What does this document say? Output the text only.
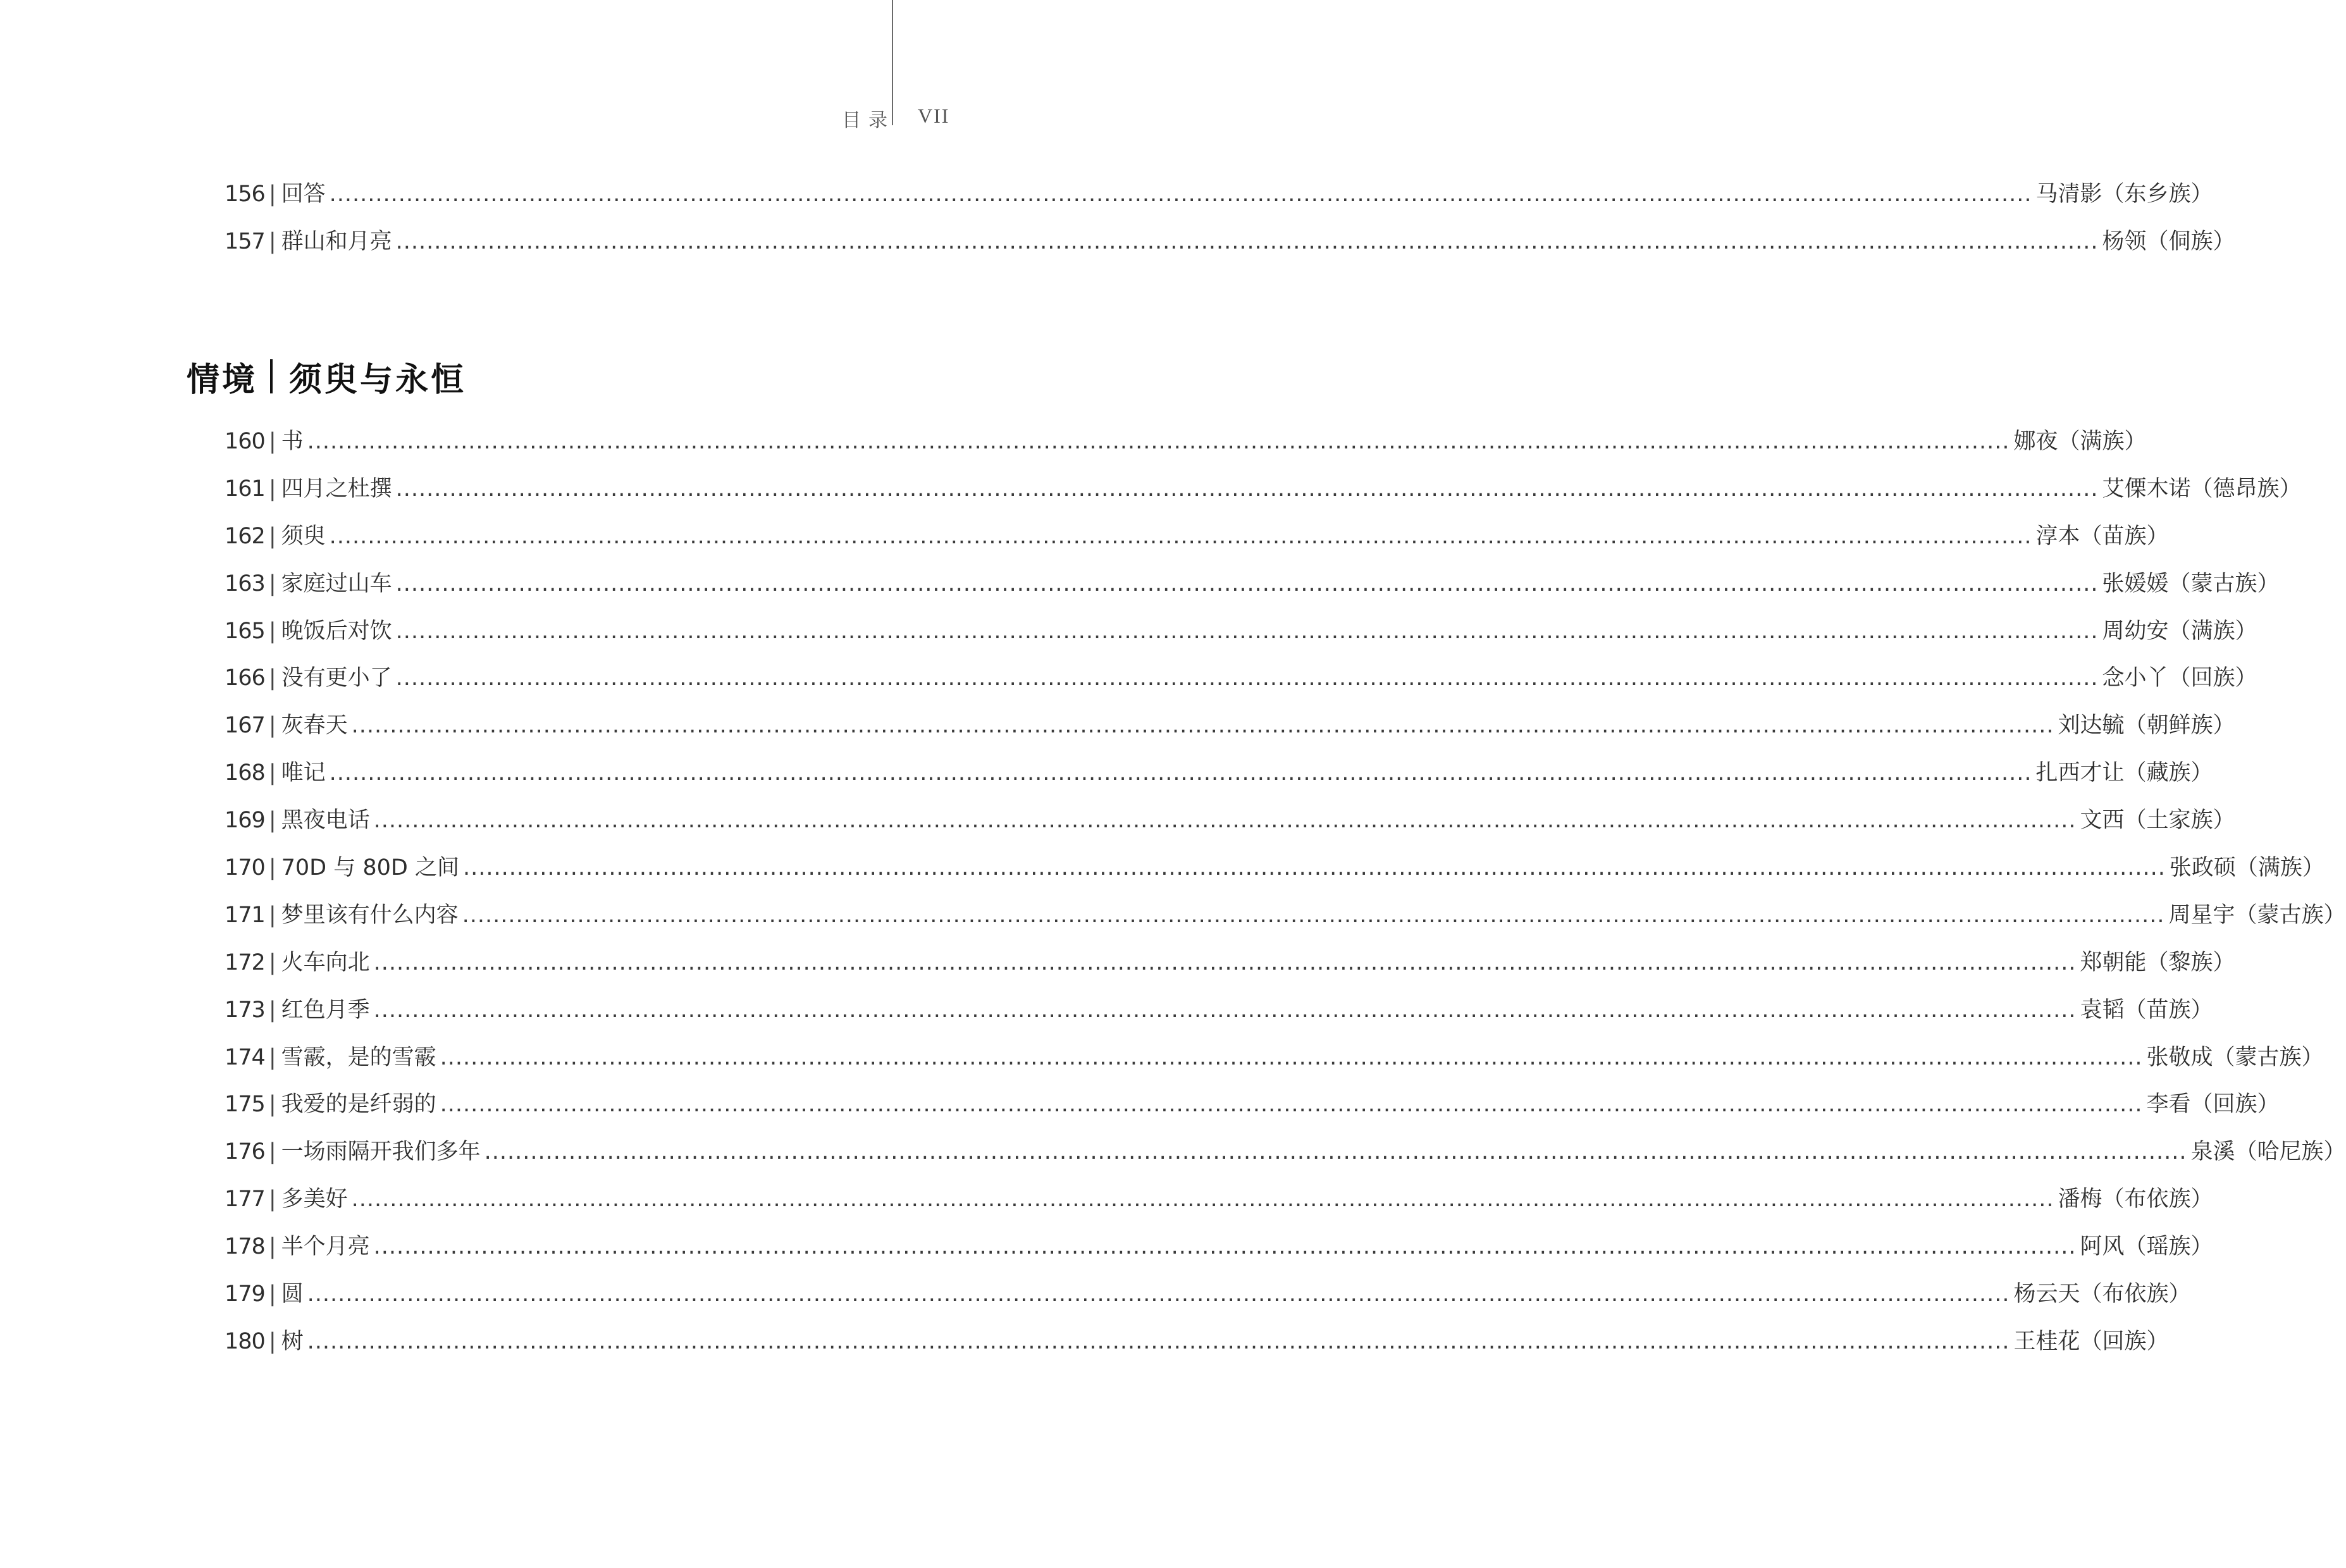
目录 VII
156 | 回答 .............................................................................................................................................................................................................................. 马清影 （东乡族）
157 | 群山和月亮 .............................................................................................................................................................................................................................. 杨领 （侗族）
情境 须臾与永恒
160 | 书 .............................................................................................................................................................................................................................. 娜夜 （满族）
161 | 四月之杜撰 .............................................................................................................................................................................................................................. 艾傈木诺 （德昂族）
162 | 须臾 .............................................................................................................................................................................................................................. 淳本 （苗族）
163 | 家庭过山车 .............................................................................................................................................................................................................................. 张媛媛 （蒙古族）
165 | 晚饭后对饮 .............................................................................................................................................................................................................................. 周幼安 （满族）
166 | 没有更小了 .............................................................................................................................................................................................................................. 念小丫 （回族）
167 | 灰春天 .............................................................................................................................................................................................................................. 刘达毓 （朝鲜族）
168 | 唯记 .............................................................................................................................................................................................................................. 扎西才让 （藏族）
169 | 黑夜电话 .............................................................................................................................................................................................................................. 文西 （土家族）
170 | 70D 与 80D 之间 .............................................................................................................................................................................................................................. 张政硕 （满族）
171 | 梦里该有什么内容 .............................................................................................................................................................................................................................. 周星宇 （蒙古族）
172 | 火车向北 .............................................................................................................................................................................................................................. 郑朝能 （黎族）
173 | 红色月季 .............................................................................................................................................................................................................................. 袁韬 （苗族）
174 | 雪霰，是的雪霰 .............................................................................................................................................................................................................................. 张敬成 （蒙古族）
175 | 我爱的是纤弱的 .............................................................................................................................................................................................................................. 李看 （回族）
176 | 一场雨隔开我们多年 .............................................................................................................................................................................................................................. 泉溪 （哈尼族）
177 | 多美好 .............................................................................................................................................................................................................................. 潘梅 （布依族）
178 | 半个月亮 .............................................................................................................................................................................................................................. 阿风 （瑶族）
179 | 圆 .............................................................................................................................................................................................................................. 杨云天 （布依族）
180 | 树 .............................................................................................................................................................................................................................. 王桂花 （回族）
